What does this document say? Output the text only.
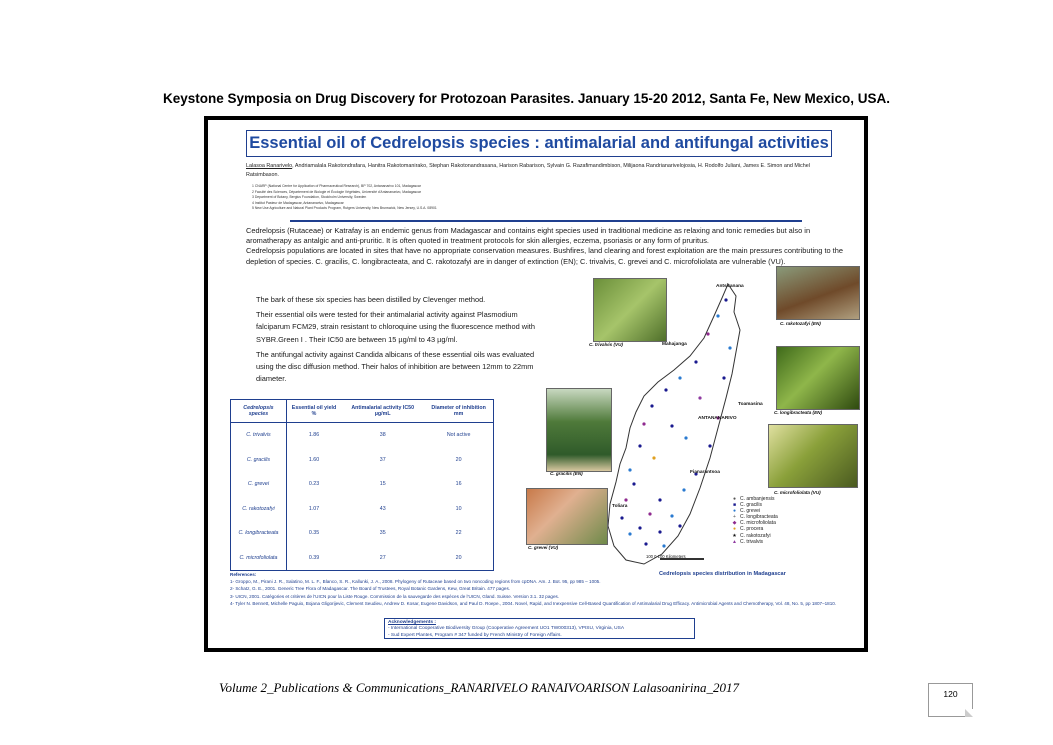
Keystone Symposia on Drug Discovery for Protozoan Parasites. January 15-20 2012, Santa Fe, New Mexico, USA.
Essential oil of Cedrelopsis species : antimalarial and antifungal activities
Lalasoa Ranarivelo, Andriamalala Rakotondrafara, Hanitra Rakotomanirako, Stephan Rakotonandrasana, Harison Rabarison, Sylvain G. Razafimandimbison, Milijaona Randrianarivelojosia, H. Rodolfo Juliani, James E. Simon and Michel Ratsimbason.
1 CNARP (National Centre for Application of Pharmaceutical Research), BP 702, Antananarivo 101, Madagascar
2 Faculté des Sciences, Département de Biologie et Écologie Végétales, Université d'Antananarivo, Madagascar
3 Department of Botany, Bergius Foundation, Stockholm University, Sweden
4 Institut Pasteur de Madagascar, Antananarivo, Madagascar
5 New Use Agriculture and Natural Plant Products Program, Rutgers University, New Brunswick, New Jersey, U.S.A. 08901
Cedrelopsis (Rutaceae) or Katrafay is an endemic genus from Madagascar and contains eight species used in traditional medicine as relaxing and tonic remedies but also in aromatherapy as antalgic and anti-pruritic. It is often quoted in treatment protocols for skin allergies, eczema, psoriasis or any form of pruritus.
Cedrelopsis populations are located in sites that have no appropriate conservation measures. Bushfires, land clearing and forest exploitation are the main pressures contributing to the depletion of species. C. gracilis, C. longibracteata, and C. rakotozafyi are in danger of extinction (EN); C. trivalvis, C. grevei and C. microfoliolata are vulnerable (VU).

The bark of these six species has been distilled by Clevenger method.

Their essential oils were tested for their antimalarial activity against Plasmodium falciparum FCM29, strain resistant to chloroquine using the fluorescence method with SYBR.Green I . Their IC50 are between 15 µg/ml to 43 µg/ml.

The antifungal activity against Candida albicans of these essential oils was evaluated using the disc diffusion method. Their halos of inhibition are between 12mm to 22mm diameter.

Cedrelopsis species	Essential oil yield %	Antimalarial activity IC50 µg/mL	Diameter of inhibition mm
C. trivalvis	1.86	38	Not active
C. gracilis	1.60	37	20
C. grevei	0.23	15	16
C. rakotozafyi	1.07	43	10
C. longibracteata	0.35	35	22
C. microfoliolata	0.39	27	20
Antsiranana
Mahajanga
Toamasina
ANTANANARIVO
Fianarantsoa
Toliara
100 0 100 Kilometers
C. trivalvis (VU)
C. rakotozafyi (EN)
C. longibracteata (EN)
C. gracilis (EN)
C. microfoliolata (VU)
C. grevei (VU)
● C. ambanjensis
■ C. gracilis
● C. grevei
+ C. longibracteata
◆ C. microfoliolata
● C. procera
★ C. rakotozafyi
▲ C. trivalvis
Cedrelopsis species distribution in Madagascar
References:
1- Groppo, M., Pirani J. R., Salatino, M. L. F., Blanco, S. R., Kallunki, J. A., 2008. Phylogeny of Rutaceae based on two noncoding regions from cpDNA. Am. J. Bot. 95, pp 985 – 1005.
2- Schatz, G. E., 2001. Generic Tree Flora of Madagascar. The Board of Trustees, Royal Botanic Gardens, Kew, Great Britain. 477 pages.
3- UICN, 2001. Catégories et critères de l'UICN pour la Liste Rouge. Commission de la sauvegarde des espèces de l'UICN, Gland. Suisse. Version 3.1. 32 pages.
4- Tyler N. Bennett, Michelle Paguio, Bojana Gligorijevic, Clement Seudieu, Andrew D. Kosar, Eugene Davidson, and Paul D. Roepe., 2004. Novel, Rapid, and Inexpensive Cell-Based Quantification of Antimalarial Drug Efficacy. Antimicrobial Agents and Chemotherapy, Vol. 48, No. 5, pp 1807–1810.
Acknowledgements :
- International Cooperative Biodiversity Group (Cooperative Agreement UO1 TW000313), VPISU, Virginia, USA
- Sud Expert Plantes, Program # 347 funded by French Ministry of Foreign Affairs.
Volume 2_Publications & Communications_RANARIVELO RANAIVOARISON Lalasoanirina_2017	120
